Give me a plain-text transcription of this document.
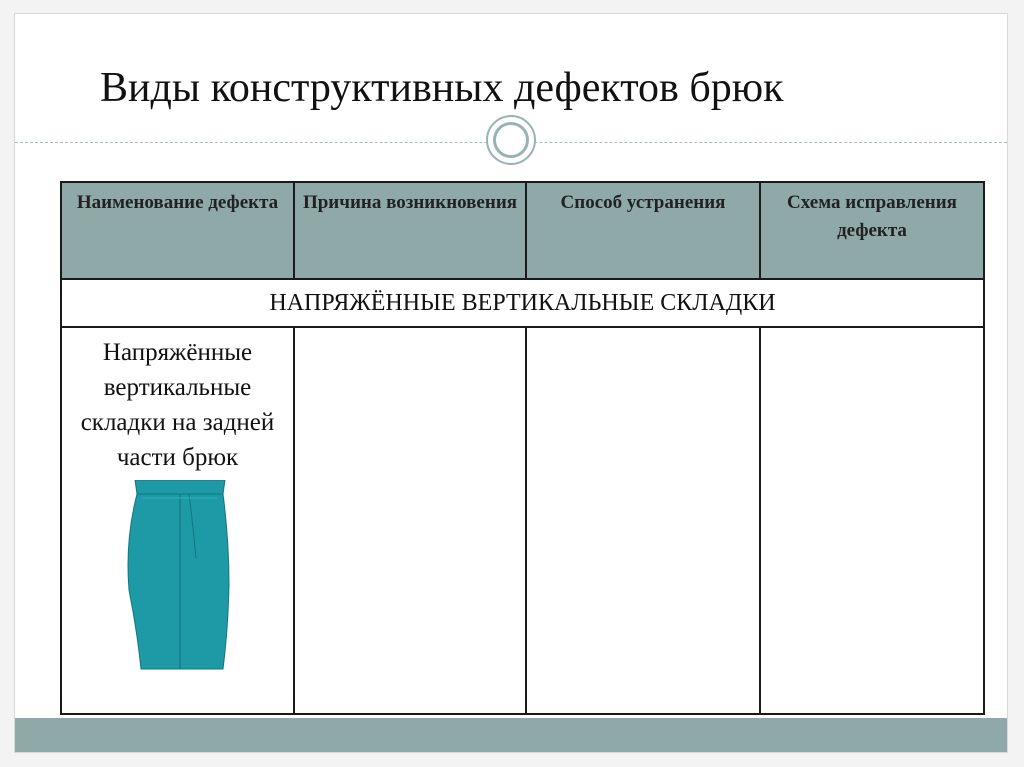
Виды конструктивных дефектов брюк
Наименование дефекта	Причина возникновения	Способ устранения	Схема исправления дефекта
НАПРЯЖЁННЫЕ ВЕРТИКАЛЬНЫЕ СКЛАДКИ			

Напряжённые вертикальные складки на задней части брюк			
